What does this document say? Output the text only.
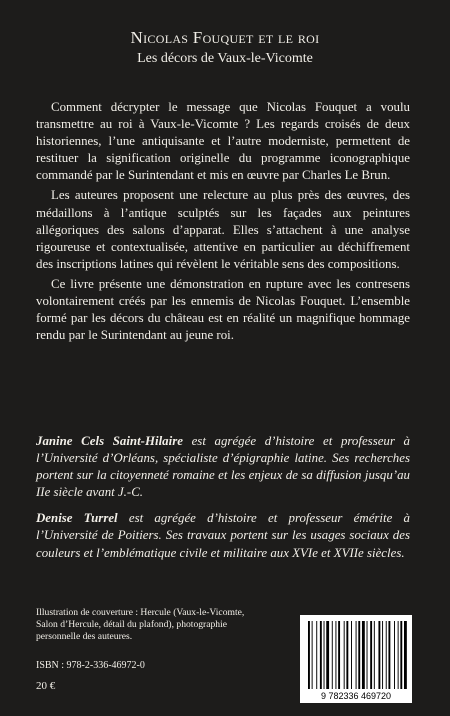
Nicolas Fouquet et le roi
Les décors de Vaux-le-Vicomte

Comment décrypter le message que Nicolas Fouquet a voulu transmettre au roi à Vaux-le-Vicomte ? Les regards croisés de deux historiennes, l’une antiquisante et l’autre moderniste, permettent de restituer la signification originelle du programme iconographique commandé par le Surintendant et mis en œuvre par Charles Le Brun.

Les auteures proposent une relecture au plus près des œuvres, des médaillons à l’antique sculptés sur les façades aux peintures allégoriques des salons d’apparat. Elles s’attachent à une analyse rigoureuse et contextualisée, attentive en particulier au déchiffrement des inscriptions latines qui révèlent le véritable sens des compositions.

Ce livre présente une démonstration en rupture avec les contresens volontairement créés par les ennemis de Nicolas Fouquet. L’ensemble formé par les décors du château est en réalité un magnifique hommage rendu par le Surintendant au jeune roi.

Janine Cels Saint-Hilaire est agrégée d’histoire et professeur à l’Université d’Orléans, spécialiste d’épigraphie latine. Ses recherches portent sur la citoyenneté romaine et les enjeux de sa diffusion jusqu’au IIe siècle avant J.-C.

Denise Turrel est agrégée d’histoire et professeur émérite à l’Université de Poitiers. Ses travaux portent sur les usages sociaux des couleurs et l’emblématique civile et militaire aux XVIe et XVIIe siècles.

Illustration de couverture : Hercule (Vaux-le-Vicomte, Salon d’Hercule, détail du plafond), photographie personnelle des auteures.
ISBN : 978-2-336-46972-0
20 €
9 782336 469720
